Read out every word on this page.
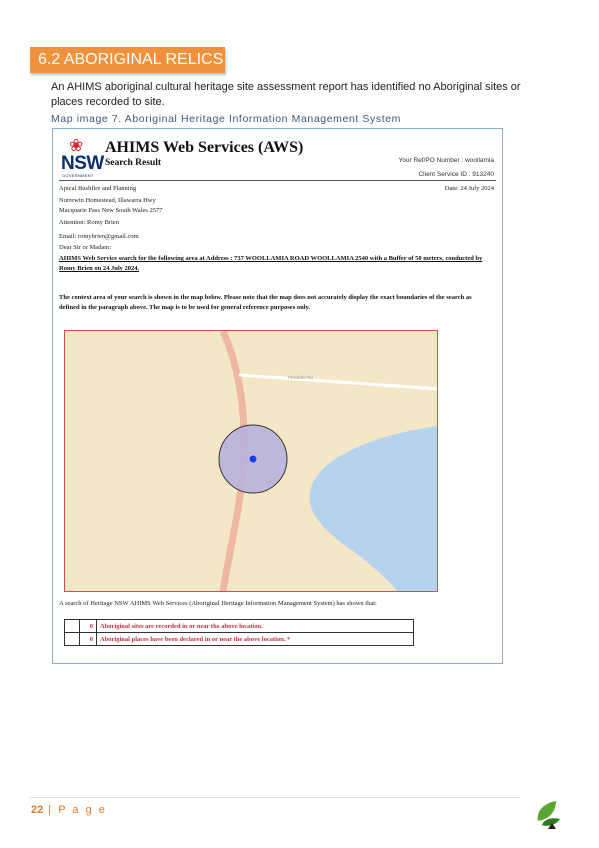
6.2 ABORIGINAL RELICS
An AHIMS aboriginal cultural heritage site assessment report has identified no Aboriginal sites or places recorded to site.
Map image 7. Aboriginal Heritage Information Management System
❀
NSW
GOVERNMENT
AHIMS Web Services (AWS)
Search Result	Your Ref/PO Number : woollamia
Client Service ID : 913240
Apical Bushfire and Planning	Date: 24 July 2024
Nurrewin Homestead, Illawarra Hwy
Macquarie Pass New South Wales 2577
Attention: Romy Brien
Email: romybrien@gmail.com
Dear Sir or Madam:
AHIMS Web Service search for the following area at Address : 737 WOOLLAMIA ROAD WOOLLAMIA 2540 with a Buffer of 50 meters, conducted by Romy Brien on 24 July 2024.
The context area of your search is shown in the map below. Please note that the map does not accurately display the exact boundaries of the search as defined in the paragraph above. The map is to be used for general reference purposes only.
Tresidder Rd
A search of Heritage NSW AHIMS Web Services (Aboriginal Heritage Information Management System) has shown that:
	0	Aboriginal sites are recorded in or near the above location.
	0	Aboriginal places have been declared in or near the above location. *
22 | P a g e
